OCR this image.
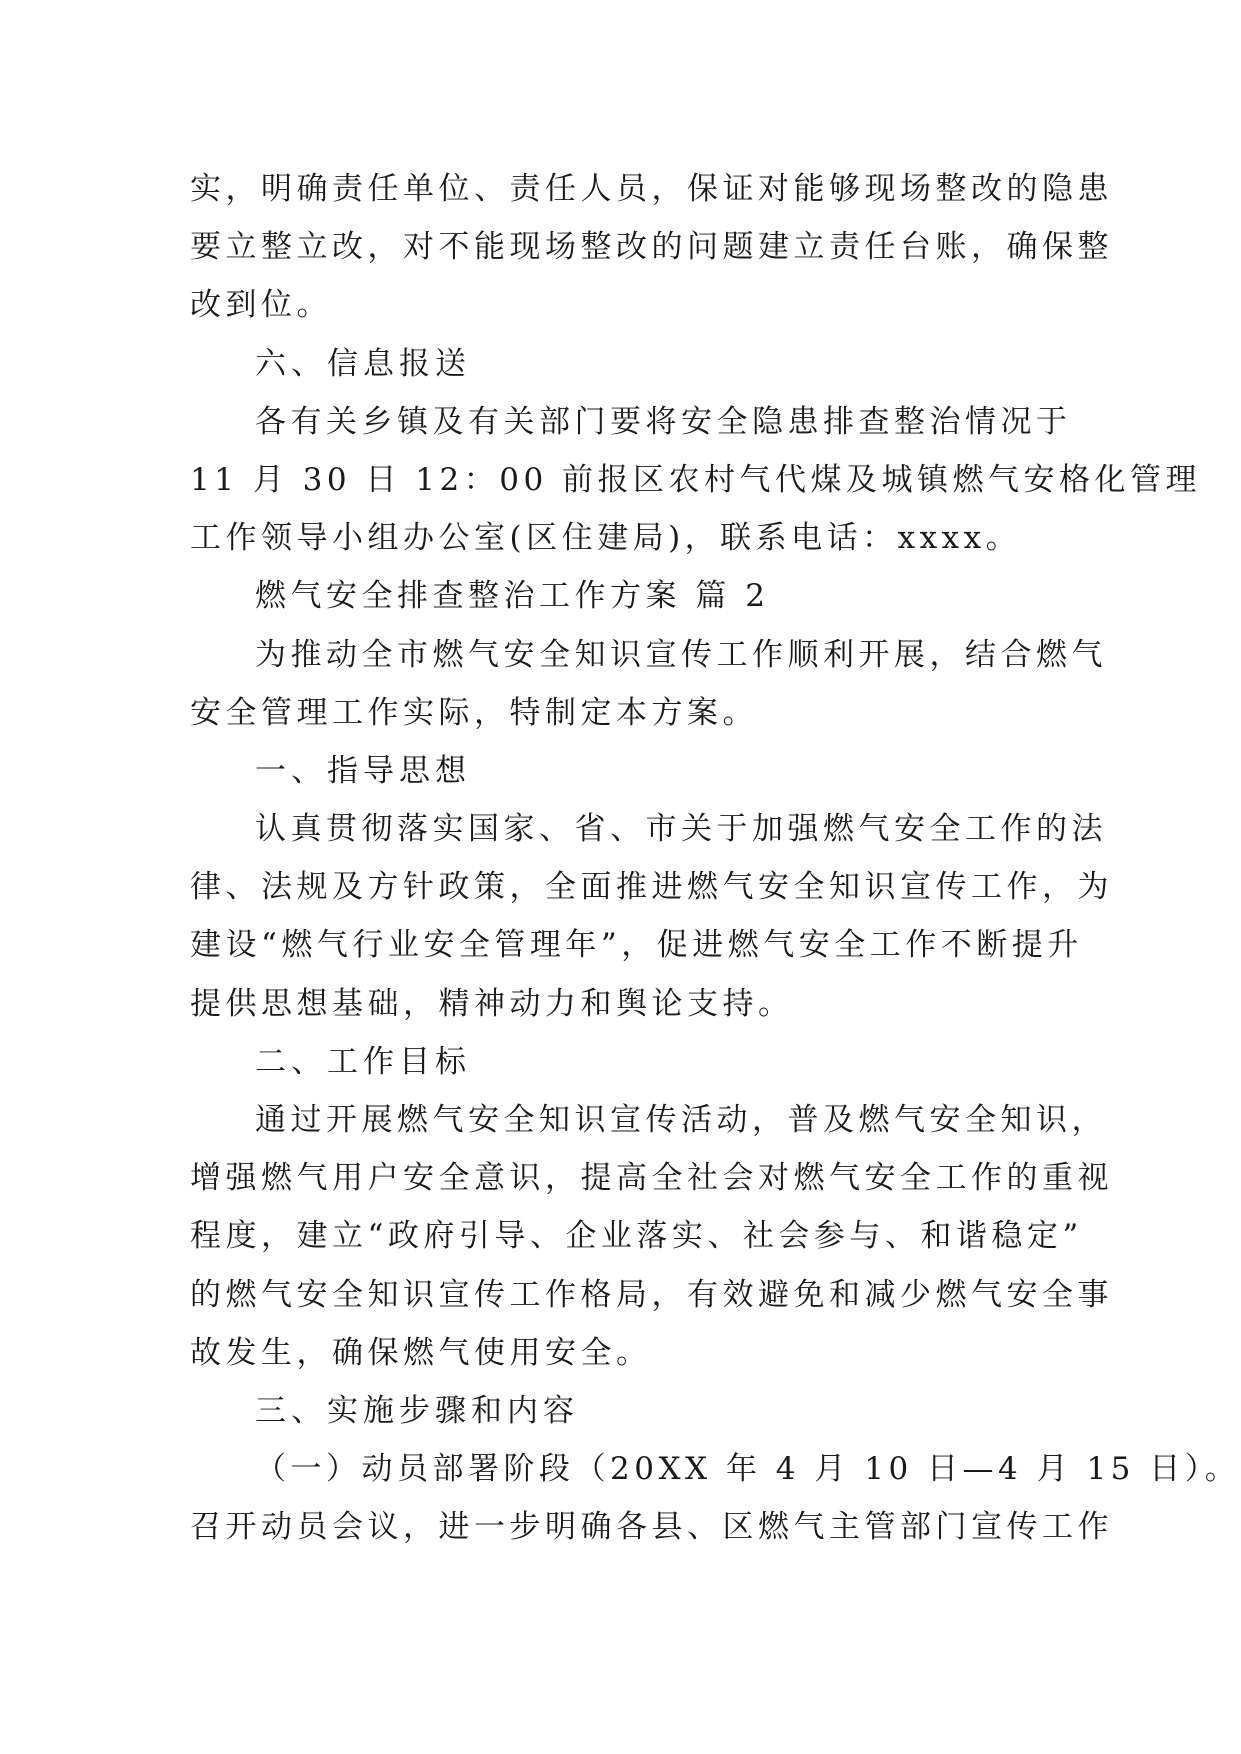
实，明确责任单位、责任人员，保证对能够现场整改的隐患
要立整立改，对不能现场整改的问题建立责任台账，确保整
改到位。
六、信息报送
各有关乡镇及有关部门要将安全隐患排查整治情况于
11 月 30 日 12：00 前报区农村气代煤及城镇燃气安格化管理
工作领导小组办公室(区住建局)，联系电话：xxxx。
燃气安全排查整治工作方案 篇 2
为推动全市燃气安全知识宣传工作顺利开展，结合燃气
安全管理工作实际，特制定本方案。
一、指导思想
认真贯彻落实国家、省、市关于加强燃气安全工作的法
律、法规及方针政策，全面推进燃气安全知识宣传工作，为
建设“燃气行业安全管理年”，促进燃气安全工作不断提升
提供思想基础，精神动力和舆论支持。
二、工作目标
通过开展燃气安全知识宣传活动，普及燃气安全知识，
增强燃气用户安全意识，提高全社会对燃气安全工作的重视
程度，建立“政府引导、企业落实、社会参与、和谐稳定”
的燃气安全知识宣传工作格局，有效避免和减少燃气安全事
故发生，确保燃气使用安全。
三、实施步骤和内容
（一）动员部署阶段（20XX 年 4 月 10 日—4 月 15 日）。
召开动员会议，进一步明确各县、区燃气主管部门宣传工作
